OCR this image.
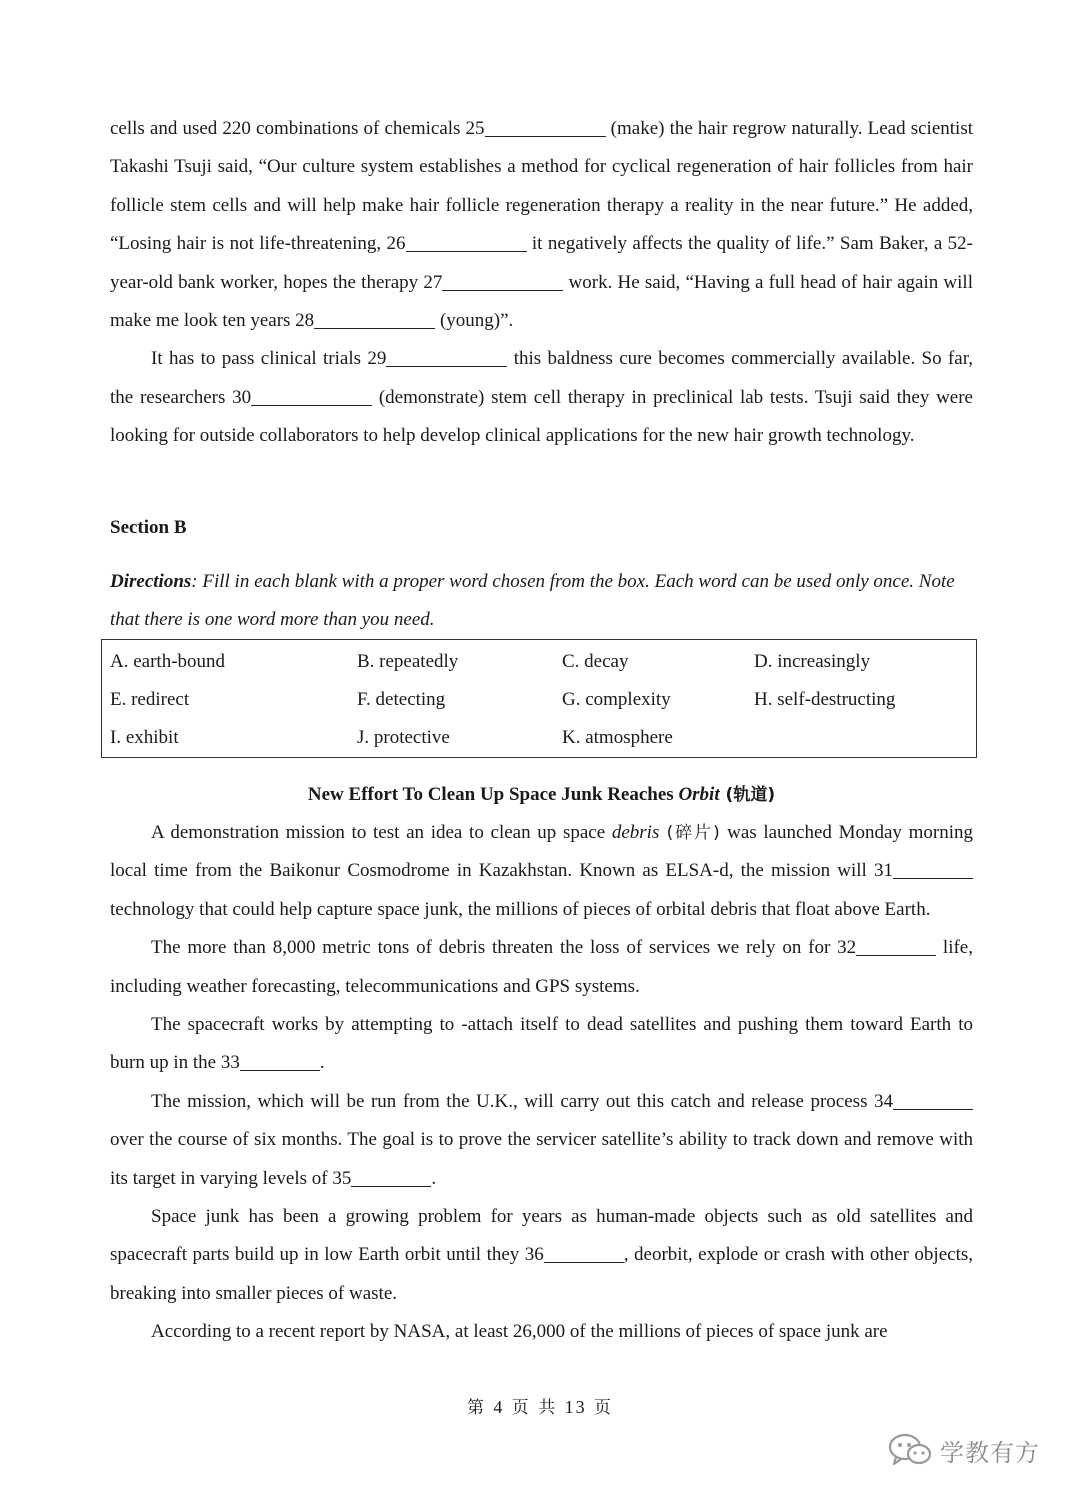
cells and used 220 combinations of chemicals 25	(make) the hair regrow naturally. Lead scientist Takashi Tsuji said, “Our culture system establishes a method for cyclical regeneration of hair follicles from hair follicle stem cells and will help make hair follicle regeneration therapy a reality in the near future.” He added, “Losing hair is not life-threatening, 26	it negatively affects the quality of life.” Sam Baker, a 52-year-old bank worker, hopes the therapy 27	work. He said, “Having a full head of hair again will make me look ten years 28	(young)”.

It has to pass clinical trials 29	this baldness cure becomes commercially available. So far, the researchers 30	(demonstrate) stem cell therapy in preclinical lab tests. Tsuji said they were looking for outside collaborators to help develop clinical applications for the new hair growth technology.

Section B

Directions: Fill in each blank with a proper word chosen from the box. Each word can be used only once. Note that there is one word more than you need.

A. earth-bound	B. repeatedly	C. decay	D. increasingly
E. redirect	F. detecting	G. complexity	H. self-destructing
I. exhibit	J. protective	K. atmosphere

New Effort To Clean Up Space Junk Reaches Orbit (轨道)

A demonstration mission to test an idea to clean up space debris (碎片) was launched Monday morning local time from the Baikonur Cosmodrome in Kazakhstan. Known as ELSA-d, the mission will 31 technology that could help capture space junk, the millions of pieces of orbital debris that float above Earth.

The more than 8,000 metric tons of debris threaten the loss of services we rely on for 32	life, including weather forecasting, telecommunications and GPS systems.

The spacecraft works by attempting to -attach itself to dead satellites and pushing them toward Earth to burn up in the 33	.

The mission, which will be run from the U.K., will carry out this catch and release process 34 over the course of six months. The goal is to prove the servicer satellite’s ability to track down and remove with its target in varying levels of 35	.

Space junk has been a growing problem for years as human-made objects such as old satellites and spacecraft parts build up in low Earth orbit until they 36	, deorbit, explode or crash with other objects, breaking into smaller pieces of waste.

According to a recent report by NASA, at least 26,000 of the millions of pieces of space junk are

第 4 页 共 13 页
学教有方
